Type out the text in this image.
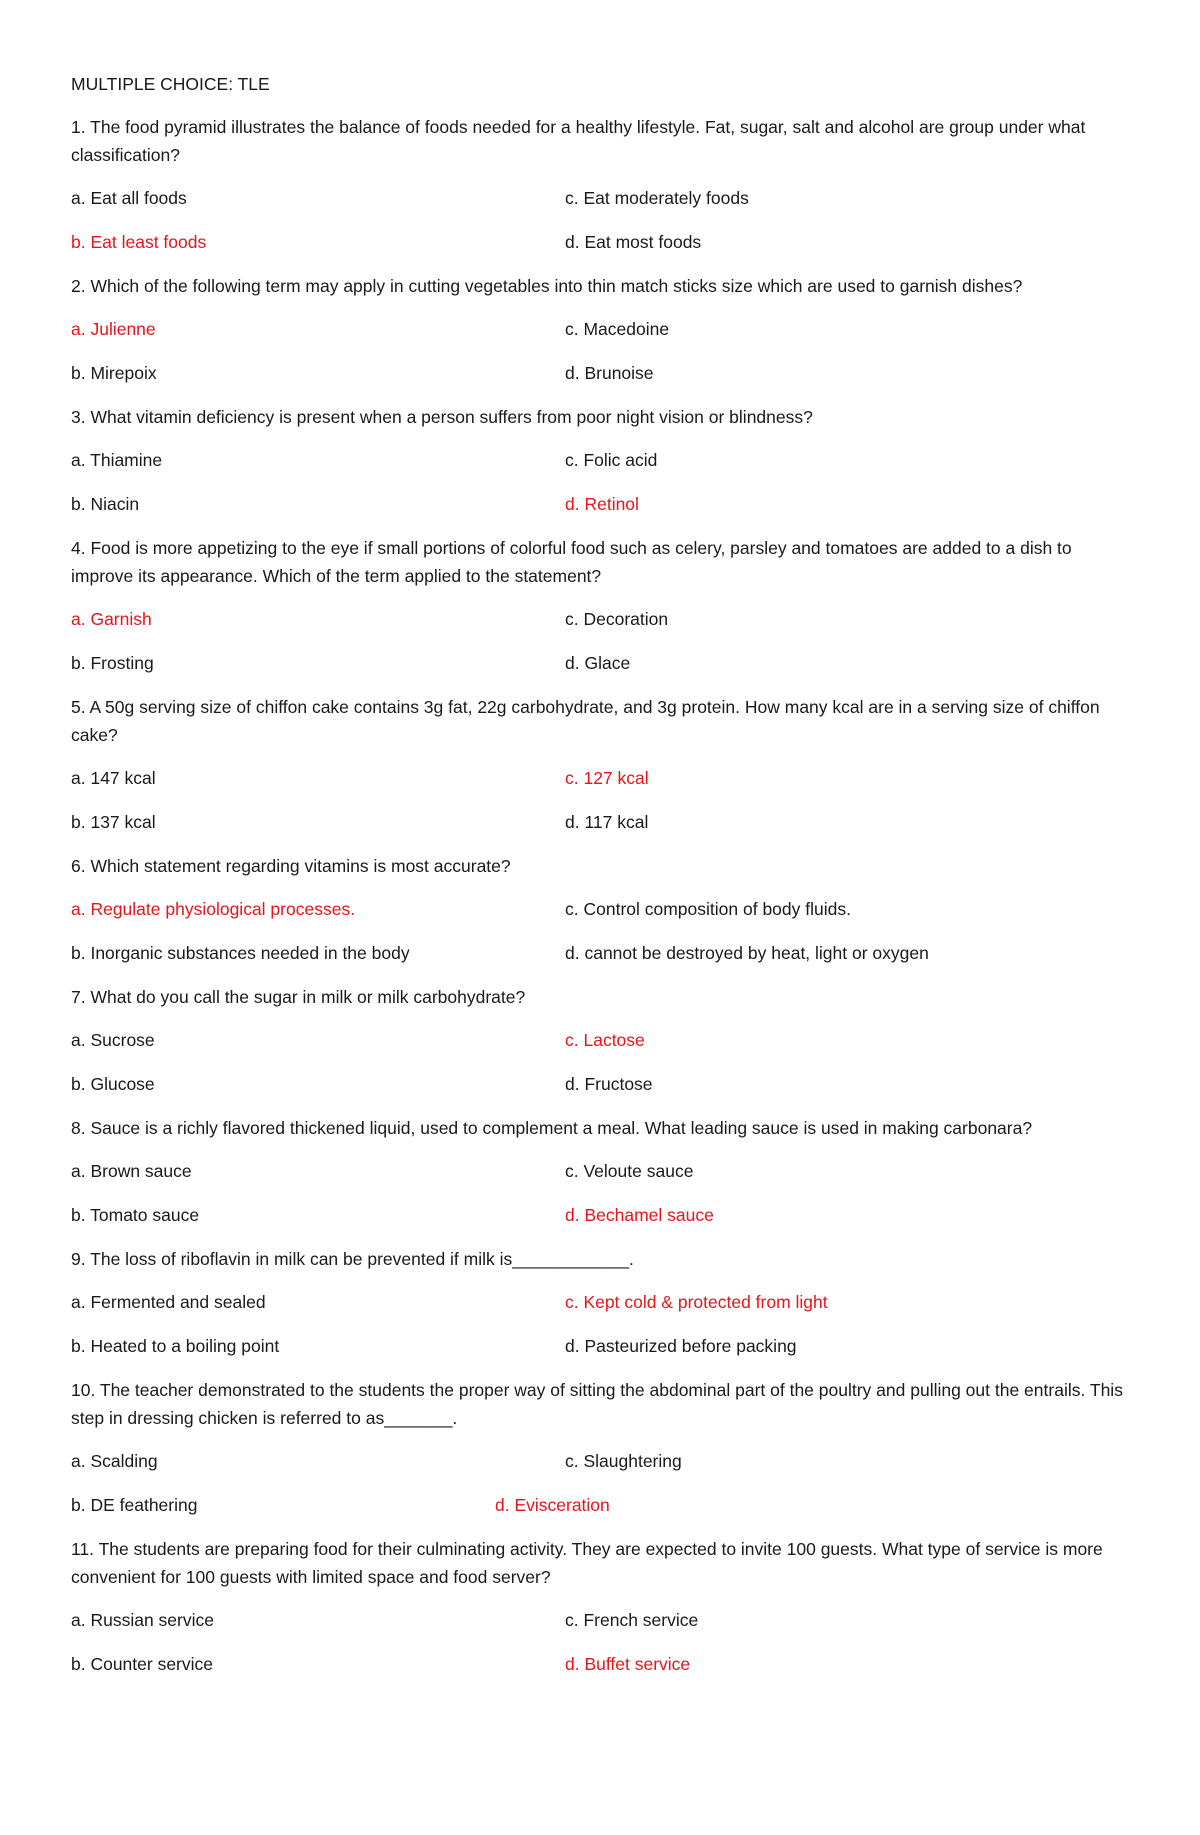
MULTIPLE CHOICE: TLE
1. The food pyramid illustrates the balance of foods needed for a healthy lifestyle. Fat, sugar, salt and alcohol are group under what classification?
a. Eat all foods	c. Eat moderately foods
b. Eat least foods	d. Eat most foods
2. Which of the following term may apply in cutting vegetables into thin match sticks size which are used to garnish dishes?
a. Julienne	c. Macedoine
b. Mirepoix	d. Brunoise
3. What vitamin deficiency is present when a person suffers from poor night vision or blindness?
a. Thiamine	c. Folic acid
b. Niacin	d. Retinol
4. Food is more appetizing to the eye if small portions of colorful food such as celery, parsley and tomatoes are added to a dish to improve its appearance. Which of the term applied to the statement?
a. Garnish	c. Decoration
b. Frosting	d. Glace
5. A 50g serving size of chiffon cake contains 3g fat, 22g carbohydrate, and 3g protein. How many kcal are in a serving size of chiffon cake?
a. 147 kcal	c. 127 kcal
b. 137 kcal	d. 117 kcal
6. Which statement regarding vitamins is most accurate?
a. Regulate physiological processes.	c. Control composition of body fluids.
b. Inorganic substances needed in the body	d. cannot be destroyed by heat, light or oxygen
7. What do you call the sugar in milk or milk carbohydrate?
a. Sucrose	c. Lactose
b. Glucose	d. Fructose
8. Sauce is a richly flavored thickened liquid, used to complement a meal. What leading sauce is used in making carbonara?
a. Brown sauce	c. Veloute sauce
b. Tomato sauce	d. Bechamel sauce
9. The loss of riboflavin in milk can be prevented if milk is____________.
a. Fermented and sealed	c. Kept cold & protected from light
b. Heated to a boiling point	d. Pasteurized before packing
10. The teacher demonstrated to the students the proper way of sitting the abdominal part of the poultry and pulling out the entrails. This step in dressing chicken is referred to as_______.
a. Scalding	c. Slaughtering
b. DE feathering	d. Evisceration
11. The students are preparing food for their culminating activity. They are expected to invite 100 guests. What type of service is more convenient for 100 guests with limited space and food server?
a. Russian service	c. French service
b. Counter service	d. Buffet service
